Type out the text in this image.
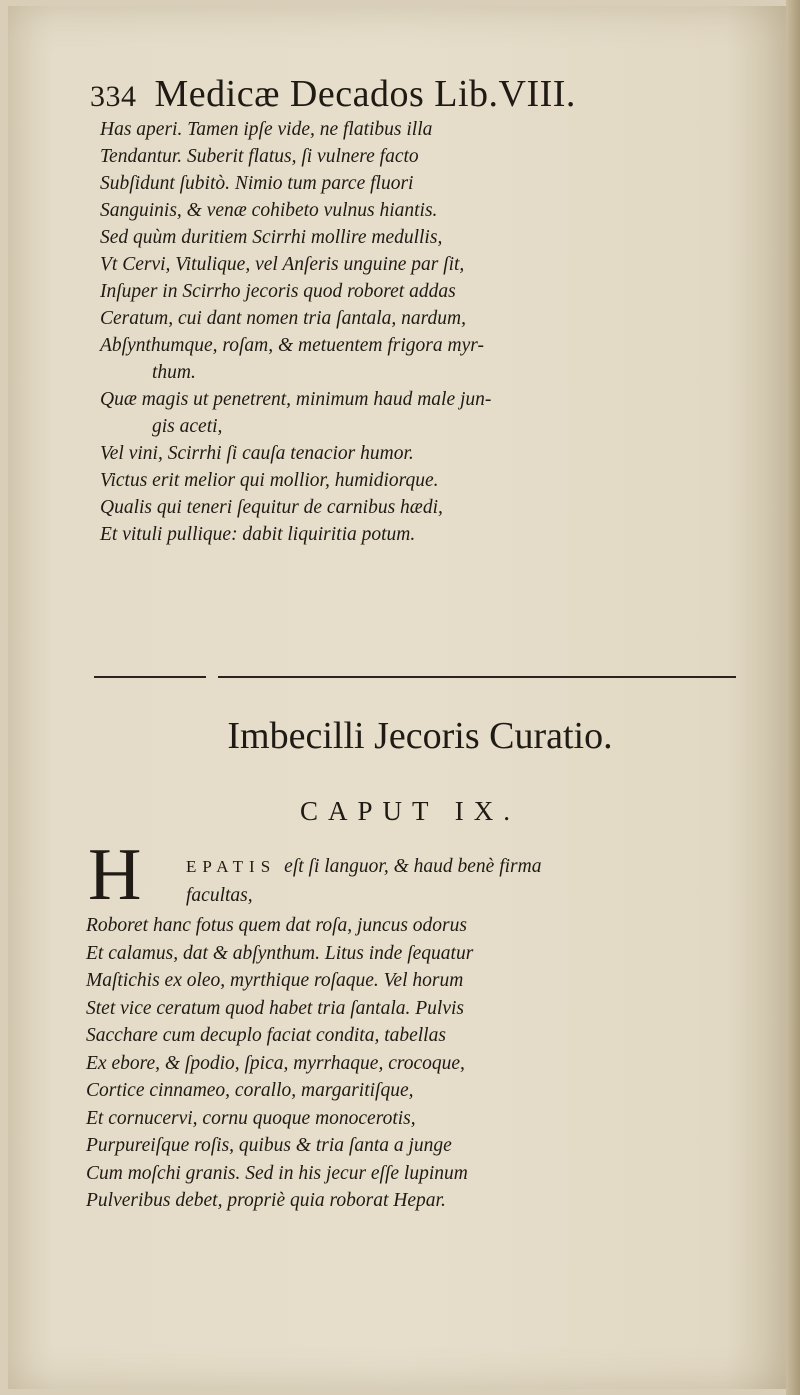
334 Medicæ Decados Lib.VIII.
Has aperi. Tamen ipſe vide, ne flatibus illa
Tendantur. Suberit flatus, ſi vulnere facto
Subſidunt ſubitò. Nimio tum parce fluori
Sanguinis, & venæ cohibeto vulnus hiantis.
Sed quùm duritiem Scirrhi mollire medullis,
Vt Cervi, Vitulique, vel Anſeris unguine par ſit,
Inſuper in Scirrho jecoris quod roboret addas
Ceratum, cui dant nomen tria ſantala, nardum,
Abſynthumque, roſam, & metuentem frigora myr-
thum.
Quæ magis ut penetrent, minimum haud male jun-
gis aceti,
Vel vini, Scirrhi ſi cauſa tenacior humor.
Victus erit melior qui mollior, humidiorque.
Qualis qui teneri ſequitur de carnibus hædi,
Et vituli pullique: dabit liquiritia potum.
Imbecilli Jecoris Curatio.
CAPUT IX.
H	EPATIS eſt ſi languor, & haud benè firma
facultas,
Roboret hanc fotus quem dat roſa, juncus odorus
Et calamus, dat & abſynthum. Litus inde ſequatur
Maſtichis ex oleo, myrthique roſaque. Vel horum
Stet vice ceratum quod habet tria ſantala. Pulvis
Sacchare cum decuplo faciat condita, tabellas
Ex ebore, & ſpodio, ſpica, myrrhaque, crocoque,
Cortice cinnameo, corallo, margaritiſque,
Et cornucervi, cornu quoque monocerotis,
Purpureiſque roſis, quibus & tria ſanta a junge
Cum moſchi granis. Sed in his jecur eſſe lupinum
Pulveribus debet, propriè quia roborat Hepar.
